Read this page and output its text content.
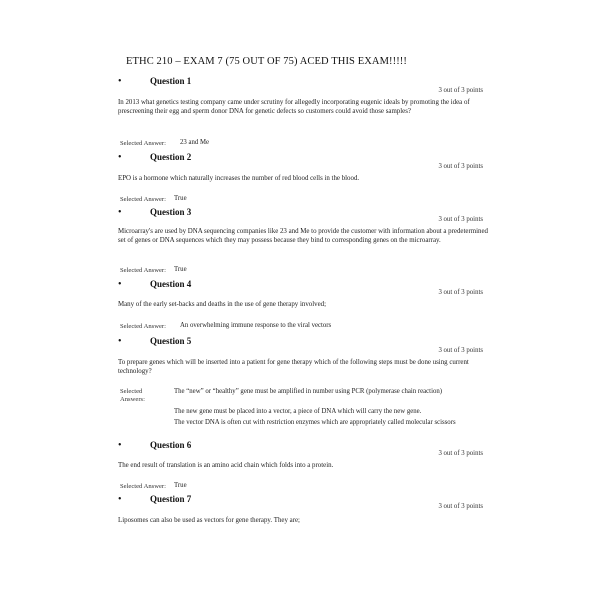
ETHC 210 – EXAM 7 (75 OUT OF 75) ACED THIS EXAM!!!!!
•	Question 1
3 out of 3 points
In 2013 what genetics testing company came under scrutiny for allegedly incorporating eugenic ideals by promoting the idea of prescreening their egg and sperm donor DNA for genetic defects so customers could avoid those samples?
Selected Answer: 23 and Me
•	Question 2
3 out of 3 points
EPO is a hormone which naturally increases the number of red blood cells in the blood.
Selected Answer: True
•	Question 3
3 out of 3 points
Microarray's are used by DNA sequencing companies like 23 and Me to provide the customer with information about a predetermined set of genes or DNA sequences which they may possess because they bind to corresponding genes on the microarray.
Selected Answer: True
•	Question 4
3 out of 3 points
Many of the early set-backs and deaths in the use of gene therapy involved;
Selected Answer: An overwhelming immune response to the viral vectors
•	Question 5
3 out of 3 points
To prepare genes which will be inserted into a patient for gene therapy which of the following steps must be done using current technology?
Selected
Answers:
The “new” or “healthy” gene must be amplified in number using PCR (polymerase chain reaction)
The new gene must be placed into a vector, a piece of DNA which will carry the new gene.
The vector DNA is often cut with restriction enzymes which are appropriately called molecular scissors
•	Question 6
3 out of 3 points
The end result of translation is an amino acid chain which folds into a protein.
Selected Answer: True
•	Question 7
3 out of 3 points
Liposomes can also be used as vectors for gene therapy. They are;
